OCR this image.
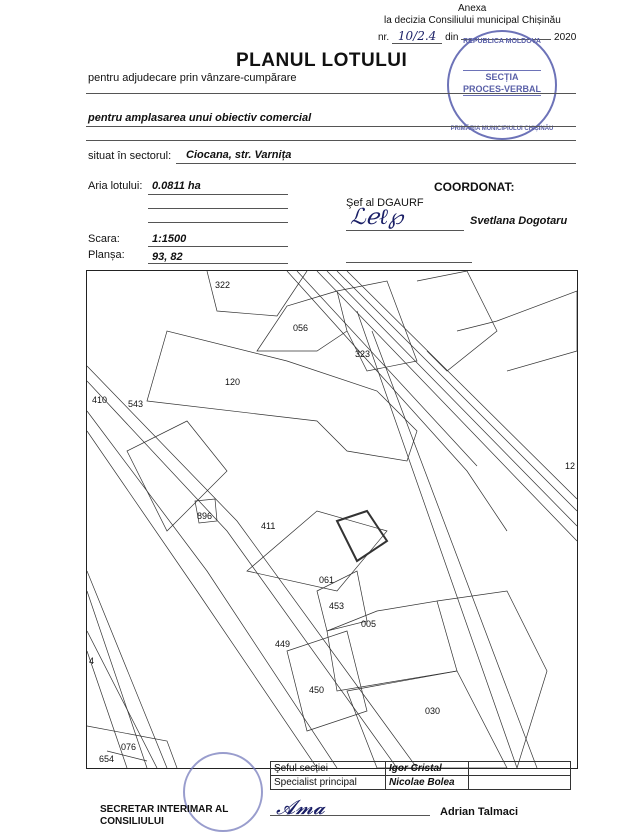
Anexa
la decizia Consiliului municipal Chișinău
nr. 10/2.4 din	2020
REPUBLICA MOLDOVA
SECȚIA
PROCES-VERBAL
PRIMĂRIA MUNICIPIULUI CHIȘINĂU
PLANUL LOTULUI
pentru adjudecare prin vânzare-cumpărare
pentru amplasarea unui obiectiv comercial
situat în sectorul: Ciocana, str. Varnița
Aria lotului: 0.0811 ha
Scara:	1:1500
Planșa: 93, 82
COORDONAT:
Şef al DGAURF
ℒℯℓ℘	Svetlana Dogotaru
322
056
323
120
410 543
896
411
061
453
005
449
450
030
076
654
12
4
Şeful secției	Igor Cristal	
Specialist principal	Nicolae Bolea	
SECRETAR INTERIMAR AL
CONSILIULUI
𝓐𝓶𝓪	Adrian Talmaci
